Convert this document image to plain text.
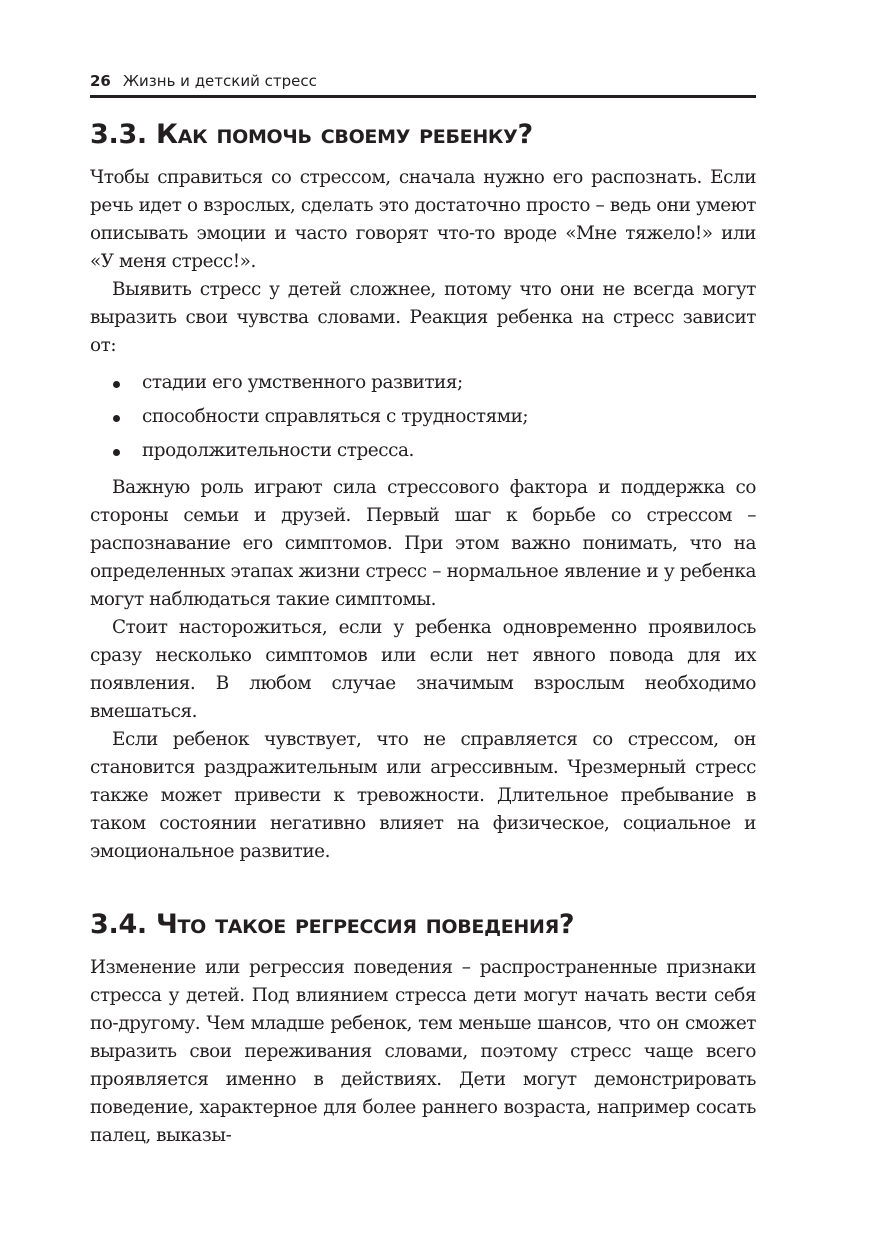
26 Жизнь и детский стресс
3.3. Как помочь своему ребенку?

Чтобы справиться со стрессом, сначала нужно его распознать. Если речь идет о взрослых, сделать это достаточно просто – ведь они умеют описывать эмоции и часто говорят что-то вроде «Мне тяжело!» или «У меня стресс!».

Выявить стресс у детей сложнее, потому что они не всегда могут выразить свои чувства словами. Реакция ребенка на стресс зависит от:

стадии его умственного развития;
способности справляться с трудностями;
продолжительности стресса.

Важную роль играют сила стрессового фактора и поддержка со стороны семьи и друзей. Первый шаг к борьбе со стрессом – распознавание его симптомов. При этом важно понимать, что на определенных этапах жизни стресс – нормальное явление и у ребенка могут наблюдаться такие симптомы.

Стоит насторожиться, если у ребенка одновременно проявилось сразу несколько симптомов или если нет явного повода для их появления. В любом случае значимым взрослым необходимо вмешаться.

Если ребенок чувствует, что не справляется со стрессом, он становится раздражительным или агрессивным. Чрезмерный стресс также может привести к тревожности. Длительное пребывание в таком состоянии негативно влияет на физическое, социальное и эмоциональное развитие.

3.4. Что такое регрессия поведения?

Изменение или регрессия поведения – распространенные признаки стресса у детей. Под влиянием стресса дети могут начать вести себя по-другому. Чем младше ребенок, тем меньше шансов, что он сможет выразить свои переживания словами, поэтому стресс чаще всего проявляется именно в действиях. Дети могут демонстрировать поведение, характерное для более раннего возраста, например сосать палец, выказы-
